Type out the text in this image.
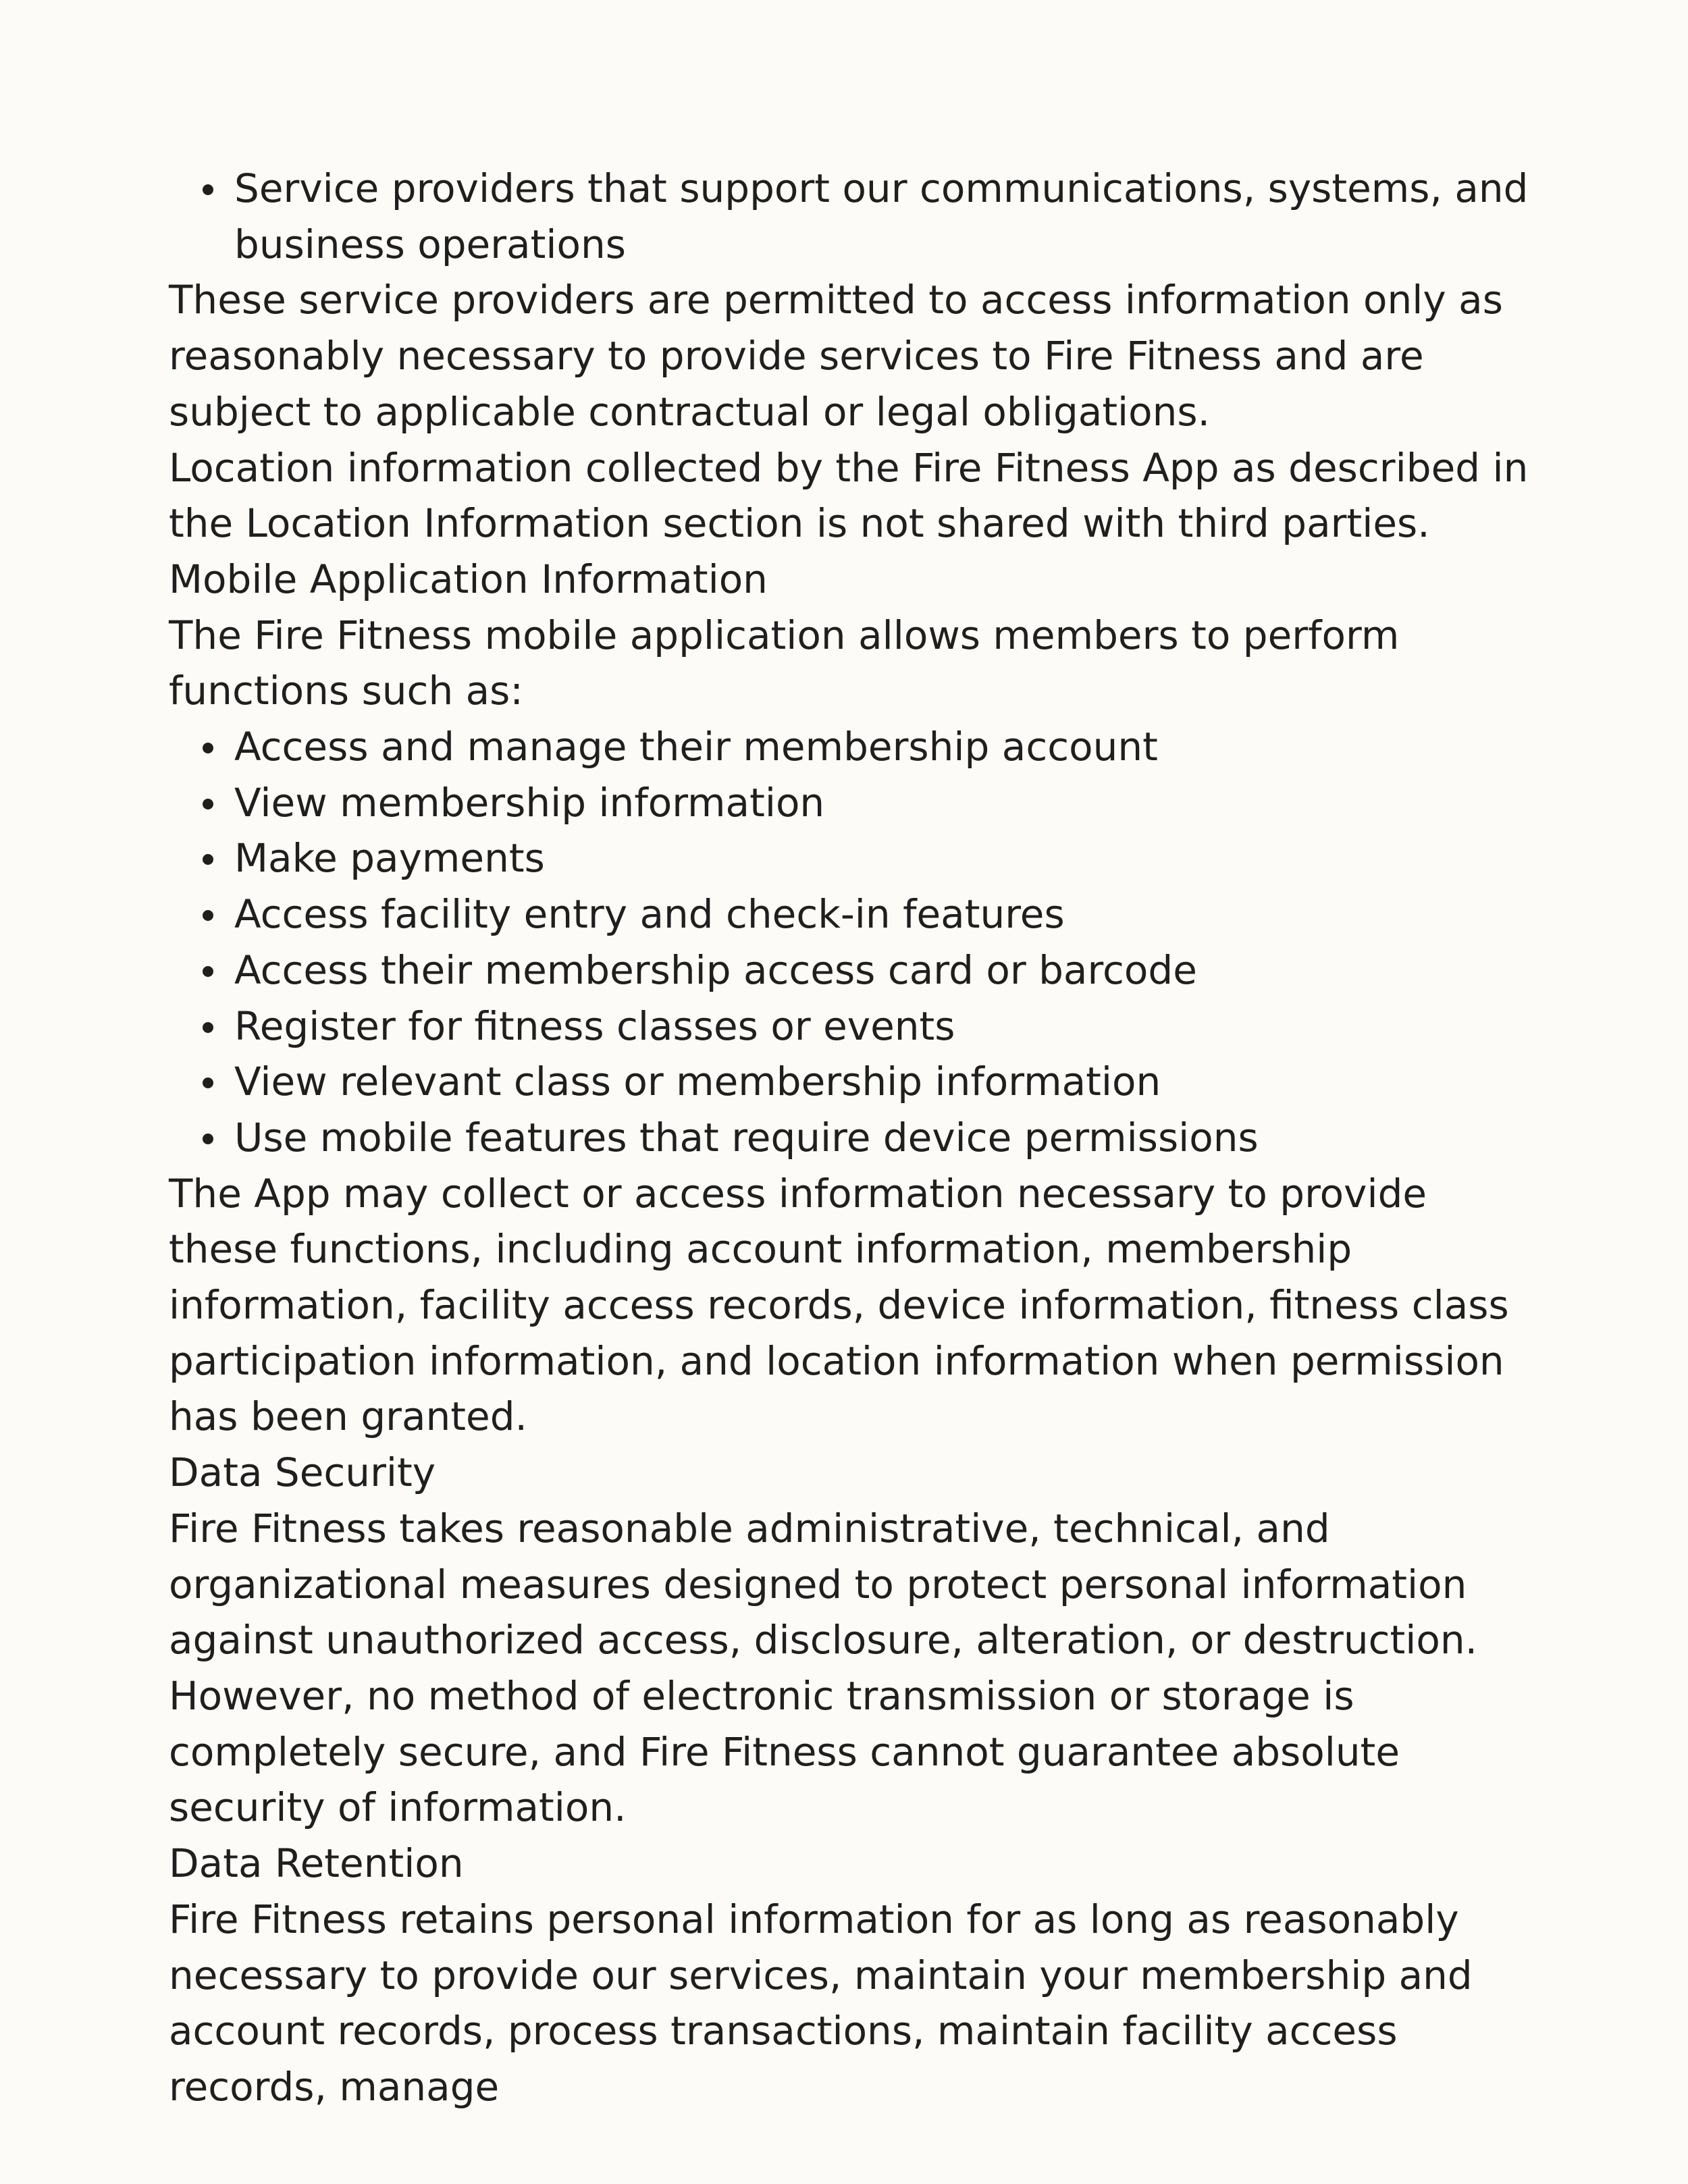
Service providers that support our communications, systems, and business operations

These service providers are permitted to access information only as reasonably necessary to provide services to Fire Fitness and are subject to applicable contractual or legal obligations.

Location information collected by the Fire Fitness App as described in the Location Information section is not shared with third parties.

Mobile Application Information

The Fire Fitness mobile application allows members to perform functions such as:

Access and manage their membership account
View membership information
Make payments
Access facility entry and check-in features
Access their membership access card or barcode
Register for fitness classes or events
View relevant class or membership information
Use mobile features that require device permissions

The App may collect or access information necessary to provide these functions, including account information, membership information, facility access records, device information, fitness class participation information, and location information when permission has been granted.

Data Security

Fire Fitness takes reasonable administrative, technical, and organizational measures designed to protect personal information against unauthorized access, disclosure, alteration, or destruction.

However, no method of electronic transmission or storage is completely secure, and Fire Fitness cannot guarantee absolute security of information.

Data Retention

Fire Fitness retains personal information for as long as reasonably necessary to provide our services, maintain your membership and account records, process transactions, maintain facility access records, manage
